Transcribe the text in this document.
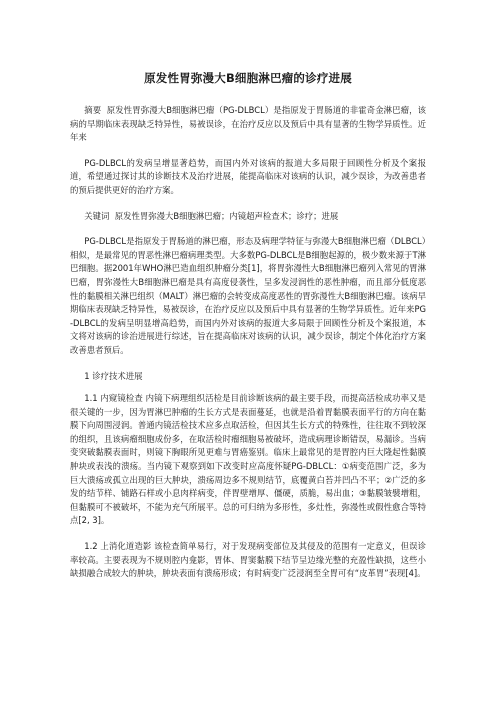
原发性胃弥漫大B细胞淋巴瘤的诊疗进展

摘要 原发性胃弥漫大B细胞淋巴瘤（PG-DLBCL）是指原发于胃肠道的非霍奇金淋巴瘤，该病的早期临床表现缺乏特异性，易被误诊，在治疗反应以及预后中具有显著的生物学异质性。近年来

PG-DLBCL的发病呈增显著趋势，而国内外对该病的报道大多局限于回顾性分析及个案报道，希望通过探讨其的诊断技术及治疗进展，能提高临床对该病的认识，减少误诊，为改善患者的预后提供更好的治疗方案。

关键词 原发性胃弥漫大B细胞淋巴瘤；内镜超声检查术；诊疗；进展

PG-DLBCL是指原发于胃肠道的淋巴瘤，形态及病理学特征与弥漫大B细胞淋巴瘤（DLBCL）相似，是最常见的胃恶性淋巴瘤病理类型。大多数PG-DLBCL是B细胞起源的，极少数来源于T淋巴细胞。据2001年WHO淋巴造血组织肿瘤分类[1]，将胃弥漫性大B细胞淋巴瘤列入常见的胃淋巴瘤，胃弥漫性大B细胞淋巴瘤是具有高度侵袭性，呈多发浸润性的恶性肿瘤，而且部分低度恶性的黏膜相关淋巴组织（MALT）淋巴瘤的会转变成高度恶性的胃弥漫性大B细胞淋巴瘤。该病早期临床表现缺乏特异性，易被误诊，在治疗反应以及预后中具有显著的生物学异质性。近年来PG-DLBCL的发病呈明显增高趋势，而国内外对该病的报道大多局限于回顾性分析及个案报道，本文将对该病的诊治进展进行综述，旨在提高临床对该病的认识，减少误诊，制定个体化治疗方案改善患者预后。

1 诊疗技术进展

1.1 内窥镜检查 内镜下病理组织活检是目前诊断该病的最主要手段，而提高活检成功率又是很关键的一步，因为胃淋巴肿瘤的生长方式是表面蔓延，也就是沿着胃黏膜表面平行的方向在黏膜下向周围浸润。普通内镜活检技术应多点取活检，但因其生长方式的特殊性，往往取不到较深的组织，且该病瘤细胞成份多，在取活检时瘤细胞易被破坏，造成病理诊断错误，易漏诊。当病变突破黏膜表面时，则镜下胸眼所见更难与胃癌鉴别。临床上最常见的是胃腔内巨大隆起性黏膜肿块或表浅的溃疡。当内镜下观察到如下改变时应高度怀疑PG-DBLCL：①病变范围广泛，多为巨大溃疡或孤立出现的巨大肿块，溃疡周边多不规则结节，底覆黄白苔并凹凸不平；②广泛的多发的结节样、铺路石样或小息肉样病变，伴胃壁增厚、僵硬，质脆，易出血；③黏膜皱襞增粗，但黏膜可不被破坏，不能为充气所展平。总的可归纳为多形性，多灶性，弥漫性或假性愈合等特点[2, 3]。

1.2 上消化道造影 该检查简单易行，对于发现病变部位及其侵及的范围有一定意义，但误诊率较高。主要表现为不规则腔内龛影，胃体、胃窦黏膜下结节呈边缘光整的充盈性缺损，这些小缺损融合成较大的肿块，肿块表面有溃疡形成；有时病变广泛浸润至全胃可有“皮革胃”表现[4]。
